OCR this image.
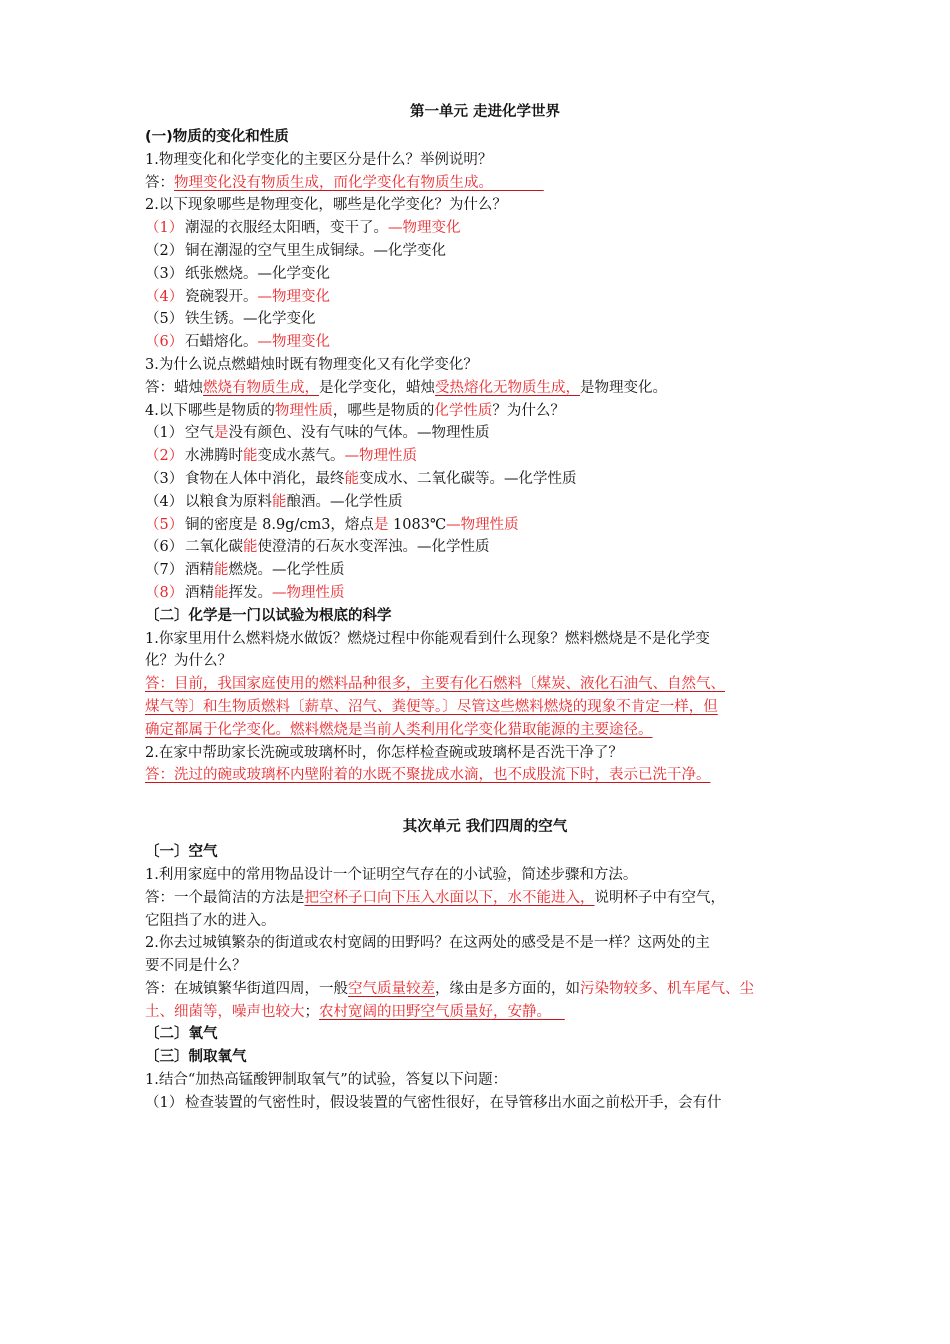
第一单元 走进化学世界
(一)物质的变化和性质
1.物理变化和化学变化的主要区分是什么？举例说明？
答：物理变化没有物质生成，而化学变化有物质生成。
2.以下现象哪些是物理变化，哪些是化学变化？为什么？
（1） 潮湿的衣服经太阳晒，变干了。—物理变化
（2） 铜在潮湿的空气里生成铜绿。—化学变化
（3） 纸张燃烧。—化学变化
（4） 瓷碗裂开。—物理变化
（5） 铁生锈。—化学变化
（6） 石蜡熔化。—物理变化
3.为什么说点燃蜡烛时既有物理变化又有化学变化？
答：蜡烛燃烧有物质生成，是化学变化，蜡烛受热熔化无物质生成，是物理变化。
4.以下哪些是物质的物理性质，哪些是物质的化学性质？为什么？
（1） 空气是没有颜色、没有气味的气体。—物理性质
（2） 水沸腾时能变成水蒸气。—物理性质
（3） 食物在人体中消化，最终能变成水、二氧化碳等。—化学性质
（4） 以粮食为原料能酿酒。—化学性质
（5） 铜的密度是 8.9g/cm3，熔点是 1083℃—物理性质
（6） 二氧化碳能使澄清的石灰水变浑浊。—化学性质
（7） 酒精能燃烧。—化学性质
（8） 酒精能挥发。—物理性质
〔二〕化学是一门以试验为根底的科学
1.你家里用什么燃料烧水做饭？燃烧过程中你能观看到什么现象？燃料燃烧是不是化学变
化？为什么？
答：目前，我国家庭使用的燃料品种很多，主要有化石燃料〔煤炭、液化石油气、自然气、
煤气等〕和生物质燃料〔薪草、沼气、粪便等。〕尽管这些燃料燃烧的现象不肯定一样，但
确定都属于化学变化。燃料燃烧是当前人类利用化学变化猎取能源的主要途径。
2.在家中帮助家长洗碗或玻璃杯时，你怎样检查碗或玻璃杯是否洗干净了？
答：洗过的碗或玻璃杯内壁附着的水既不聚拢成水滴，也不成股流下时，表示已洗干净。
其次单元 我们四周的空气
〔一〕空气
1.利用家庭中的常用物品设计一个证明空气存在的小试验，简述步骤和方法。
答：一个最简洁的方法是把空杯子口向下压入水面以下，水不能进入，说明杯子中有空气，
它阻挡了水的进入。
2.你去过城镇繁杂的街道或农村宽阔的田野吗？在这两处的感受是不是一样？这两处的主
要不同是什么？
答：在城镇繁华街道四周，一般空气质量较差，缘由是多方面的，如污染物较多、机车尾气、尘
土、细菌等，噪声也较大；农村宽阔的田野空气质量好，安静。
〔二〕氧气
〔三〕制取氧气
1.结合“加热高锰酸钾制取氧气”的试验，答复以下问题：
（1） 检查装置的气密性时，假设装置的气密性很好，在导管移出水面之前松开手，会有什
